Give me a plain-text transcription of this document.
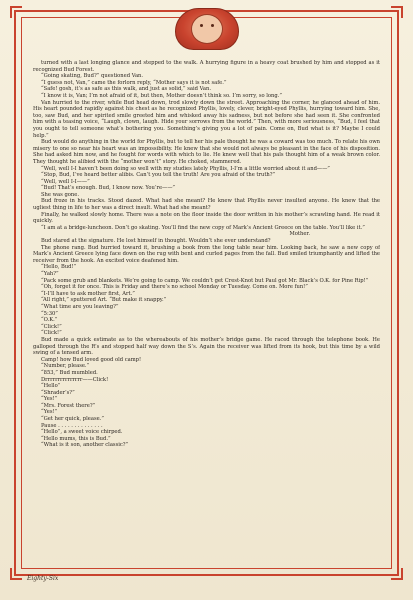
turned with a last longing glance and stepped to the walk. A hurrying figure in a heavy coat brushed by him and stopped as it recognized Bud Forest.

“Going skating, Bud?” questioned Van.

“I guess not, Van,” came the forlorn reply, “Mother says it is not safe.”

“Safe! gosh, it’s as safe as this walk, and just as solid,” said Van.

“I know it is, Van; I’m not afraid of it, but then, Mother doesn’t think so. I’m sorry, so long.”

Van hurried to the river, while Bud head down, trod slowly down the street. Approaching the corner, he glanced ahead of him. His heart pounded rapidly against his chest as he recognized Phyllis, lovely, clever, bright-eyed Phyllis, hurrying toward him. She, too, saw Bud, and her spirited smile greeted him and whisked away his sadness, but not before she had seen it. She confronted him with a teasing voice, “Laugh, clown, laugh. Hide your sorrows from the world.” Then, with more seriousness, “Bud, I feel that you ought to tell someone what’s bothering you. Something’s giving you a lot of pain. Come on, Bud what is it? Maybe I could help.”

Bud would do anything in the world for Phyllis, but to tell her his pale thought he was a coward was too much. To relate his own misery to one so near his heart was an impossibility. He knew that she would not always be pleasant in the face of his disposition. She had asked him now, and he fought for words with which to lie. He knew well that his pals thought him of a weak brown color. They thought he alibied with the “mother won’t” story. He choked, stammered.

“Well, well I-I haven’t been doing so well with my studies lately Phyllis, I-I’m a little worried about it and——”

“Stop, Bud, I’ve heard better alibis. Can’t you tell the truth! Are you afraid of the truth?”

“Well, well I-I——”

“Bud! That’s enough. Bud, I know now. You’re——”

She was gone.

Bud froze in his tracks. Stood dazed. What had she meant? He knew that Phyllis never insulted anyone. He knew that the ugliest thing in life to her was a direct insult. What had she meant?

Finally, he walked slowly home. There was a note on the floor inside the door written in his mother’s scrawling hand. He read it quickly.

“I am at a bridge-luncheon. Don’t go skating. You’ll find the new copy of Mark’s Ancient Greece on the table. You’ll like it.”

Mother.

Bud stared at the signature. He lost himself in thought. Wouldn’t she ever understand?

The phone rang. Bud hurried toward it, brushing a book from the long table near him. Looking back, he saw a new copy of Mark’s Ancient Greece lying face down on the rug with bent and curled pages from the fall. Bud smiled triumphantly and lifted the receiver from the hook. An excited voice deafened him.

“Hello, Bud!”

“Yah?”

“Pack some grub and blankets. We’re going to camp. We couldn’t get Crest-Knot but Paul got Mr. Black’s O.K. for Pine Rip!”

“Oh, forget it for once. This is Friday and there’s no school Monday or Tuesday. Come on. More fun!”

“I-I’ll have to ask mother first, Art.”

“All right,” sputtered Art. “But make it snappy.”

“What time are you leaving?”

“5:30”

“O.K.”

“Click!”

“Click!”

Bud made a quick estimate as to the whereabouts of his mother’s bridge game. He raced through the telephone book. He galloped through the R’s and stopped half way down the S’s. Again the receiver was lifted from its hook, but this time by a wild swing of a tensed arm.

Camp! how Bud loved good old camp!

“Number, please.”

“853,” Bud mumbled.

Drrrrrrrrrrrrrrr——Click!

“Hello”

“Shrader’s?”

“Yes!”

“Mrs. Forest there?”

“Yes!”

“Get her quick, please.”

Pause . . . . . . . . . . . . . .

“Hello”, a sweet voice chirped.

“Hello mums, this is Bud.”

“What is it son, another classic?”

Eighty-Six
